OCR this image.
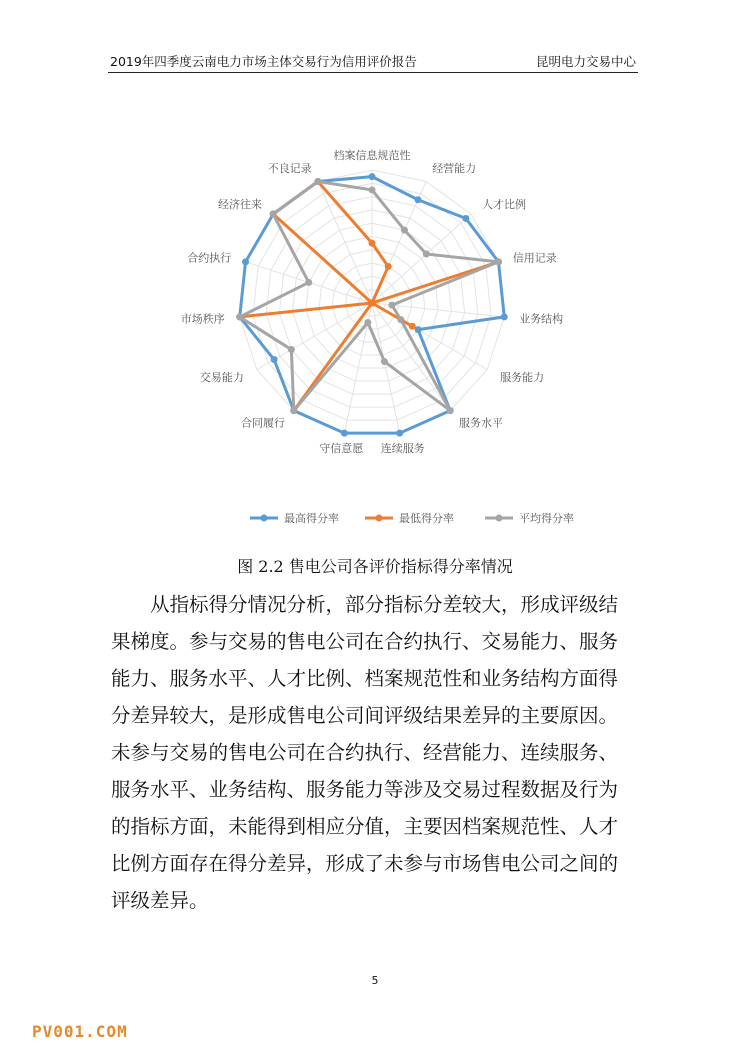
2019年四季度云南电力市场主体交易行为信用评价报告	昆明电力交易中心
档案信息规范性
经营能力
人才比例
信用记录
业务结构
服务能力
服务水平
连续服务
守信意愿
合同履行
交易能力
市场秩序
合约执行
经济往来
不良记录
最高得分率	最低得分率	平均得分率
图 2.2 售电公司各评价指标得分率情况
从指标得分情况分析，部分指标分差较大，形成评级结
果梯度。参与交易的售电公司在合约执行、交易能力、服务
能力、服务水平、人才比例、档案规范性和业务结构方面得
分差异较大，是形成售电公司间评级结果差异的主要原因。
未参与交易的售电公司在合约执行、经营能力、连续服务、
服务水平、业务结构、服务能力等涉及交易过程数据及行为
的指标方面，未能得到相应分值，主要因档案规范性、人才
比例方面存在得分差异，形成了未参与市场售电公司之间的
评级差异。
5
PV001.COM
